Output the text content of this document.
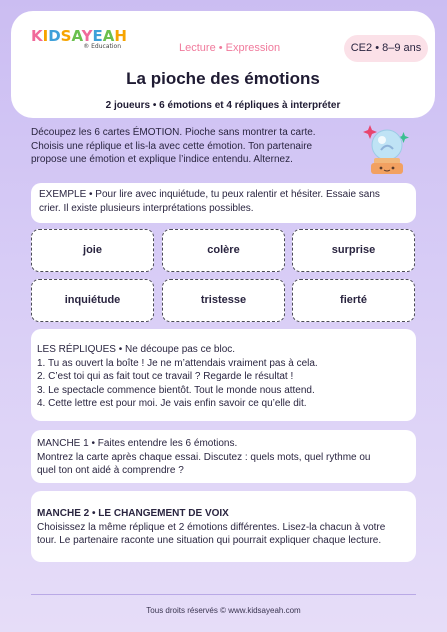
KIDSAYEAH
® Education	Lecture • Expression	CE2 • 8–9 ans
La pioche des émotions
2 joueurs • 6 émotions et 4 répliques à interpréter
Découpez les 6 cartes ÉMOTION. Pioche sans montrer ta carte.
Choisis une réplique et lis-la avec cette émotion. Ton partenaire
propose une émotion et explique l’indice entendu. Alternez.
EXEMPLE • Pour lire avec inquiétude, tu peux ralentir et hésiter. Essaie sans
crier. Il existe plusieurs interprétations possibles.
joie	colère	surprise
inquiétude	tristesse	fierté
LES RÉPLIQUES • Ne découpe pas ce bloc.
1. Tu as ouvert la boîte ! Je ne m’attendais vraiment pas à cela.
2. C’est toi qui as fait tout ce travail ? Regarde le résultat !
3. Le spectacle commence bientôt. Tout le monde nous attend.
4. Cette lettre est pour moi. Je vais enfin savoir ce qu’elle dit.
MANCHE 1 • Faites entendre les 6 émotions.
Montrez la carte après chaque essai. Discutez : quels mots, quel rythme ou
quel ton ont aidé à comprendre ?
MANCHE 2 • LE CHANGEMENT DE VOIX
Choisissez la même réplique et 2 émotions différentes. Lisez-la chacun à votre
tour. Le partenaire raconte une situation qui pourrait expliquer chaque lecture.
Tous droits réservés © www.kidsayeah.com
